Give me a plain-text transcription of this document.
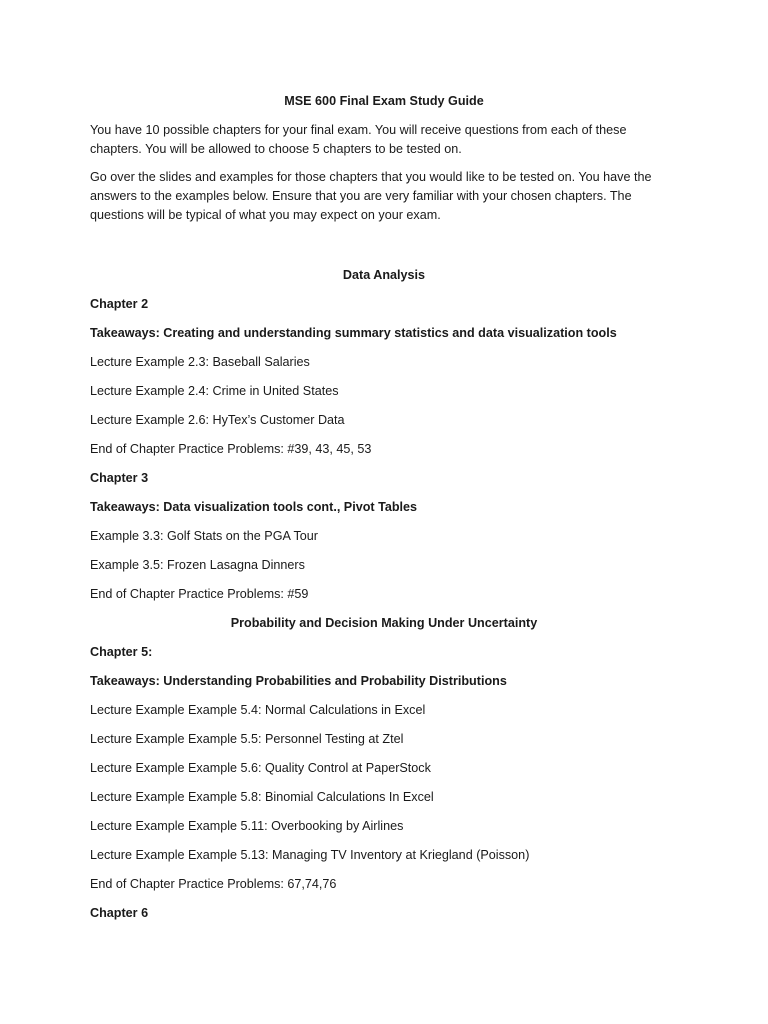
MSE 600 Final Exam Study Guide

You have 10 possible chapters for your final exam. You will receive questions from each of these chapters. You will be allowed to choose 5 chapters to be tested on.

Go over the slides and examples for those chapters that you would like to be tested on. You have the answers to the examples below. Ensure that you are very familiar with your chosen chapters. The questions will be typical of what you may expect on your exam.

Data Analysis

Chapter 2

Takeaways: Creating and understanding summary statistics and data visualization tools

Lecture Example 2.3: Baseball Salaries

Lecture Example 2.4: Crime in United States

Lecture Example 2.6: HyTex’s Customer Data

End of Chapter Practice Problems: #39, 43, 45, 53

Chapter 3

Takeaways: Data visualization tools cont., Pivot Tables

Example 3.3: Golf Stats on the PGA Tour

Example 3.5: Frozen Lasagna Dinners

End of Chapter Practice Problems: #59

Probability and Decision Making Under Uncertainty

Chapter 5:

Takeaways: Understanding Probabilities and Probability Distributions

Lecture Example Example 5.4: Normal Calculations in Excel

Lecture Example Example 5.5: Personnel Testing at Ztel

Lecture Example Example 5.6: Quality Control at PaperStock

Lecture Example Example 5.8: Binomial Calculations In Excel

Lecture Example Example 5.11: Overbooking by Airlines

Lecture Example Example 5.13: Managing TV Inventory at Kriegland (Poisson)

End of Chapter Practice Problems: 67,74,76

Chapter 6
